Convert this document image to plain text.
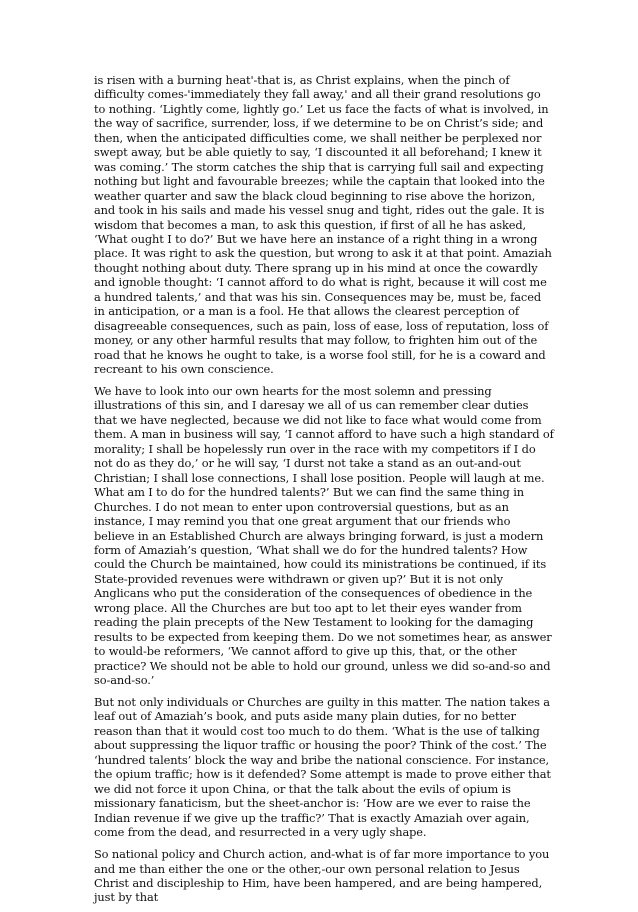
is risen with a burning heat'-that is, as Christ explains, when the pinch of difficulty comes-'immediately they fall away,' and all their grand resolutions go to nothing. ‘Lightly come, lightly go.’ Let us face the facts of what is involved, in the way of sacrifice, surrender, loss, if we determine to be on Christ’s side; and then, when the anticipated difficulties come, we shall neither be perplexed nor swept away, but be able quietly to say, ‘I discounted it all beforehand; I knew it was coming.’ The storm catches the ship that is carrying full sail and expecting nothing but light and favourable breezes; while the captain that looked into the weather quarter and saw the black cloud beginning to rise above the horizon, and took in his sails and made his vessel snug and tight, rides out the gale. It is wisdom that becomes a man, to ask this question, if first of all he has asked, ‘What ought I to do?’ But we have here an instance of a right thing in a wrong place. It was right to ask the question, but wrong to ask it at that point. Amaziah thought nothing about duty. There sprang up in his mind at once the cowardly and ignoble thought: ‘I cannot afford to do what is right, because it will cost me a hundred talents,’ and that was his sin. Consequences may be, must be, faced in anticipation, or a man is a fool. He that allows the clearest perception of disagreeable consequences, such as pain, loss of ease, loss of reputation, loss of money, or any other harmful results that may follow, to frighten him out of the road that he knows he ought to take, is a worse fool still, for he is a coward and recreant to his own conscience.

We have to look into our own hearts for the most solemn and pressing illustrations of this sin, and I daresay we all of us can remember clear duties that we have neglected, because we did not like to face what would come from them. A man in business will say, ‘I cannot afford to have such a high standard of morality; I shall be hopelessly run over in the race with my competitors if I do not do as they do,’ or he will say, ‘I durst not take a stand as an out-and-out Christian; I shall lose connections, I shall lose position. People will laugh at me. What am I to do for the hundred talents?’ But we can find the same thing in Churches. I do not mean to enter upon controversial questions, but as an instance, I may remind you that one great argument that our friends who believe in an Established Church are always bringing forward, is just a modern form of Amaziah’s question, ‘What shall we do for the hundred talents? How could the Church be maintained, how could its ministrations be continued, if its State-provided revenues were withdrawn or given up?’ But it is not only Anglicans who put the consideration of the consequences of obedience in the wrong place. All the Churches are but too apt to let their eyes wander from reading the plain precepts of the New Testament to looking for the damaging results to be expected from keeping them. Do we not sometimes hear, as answer to would-be reformers, ‘We cannot afford to give up this, that, or the other practice? We should not be able to hold our ground, unless we did so-and-so and so-and-so.’

But not only individuals or Churches are guilty in this matter. The nation takes a leaf out of Amaziah’s book, and puts aside many plain duties, for no better reason than that it would cost too much to do them. ‘What is the use of talking about suppressing the liquor traffic or housing the poor? Think of the cost.’ The ‘hundred talents’ block the way and bribe the national conscience. For instance, the opium traffic; how is it defended? Some attempt is made to prove either that we did not force it upon China, or that the talk about the evils of opium is missionary fanaticism, but the sheet-anchor is: ‘How are we ever to raise the Indian revenue if we give up the traffic?’ That is exactly Amaziah over again, come from the dead, and resurrected in a very ugly shape.

So national policy and Church action, and-what is of far more importance to you and me than either the one or the other,-our own personal relation to Jesus Christ and discipleship to Him, have been hampered, and are being hampered, just by that
